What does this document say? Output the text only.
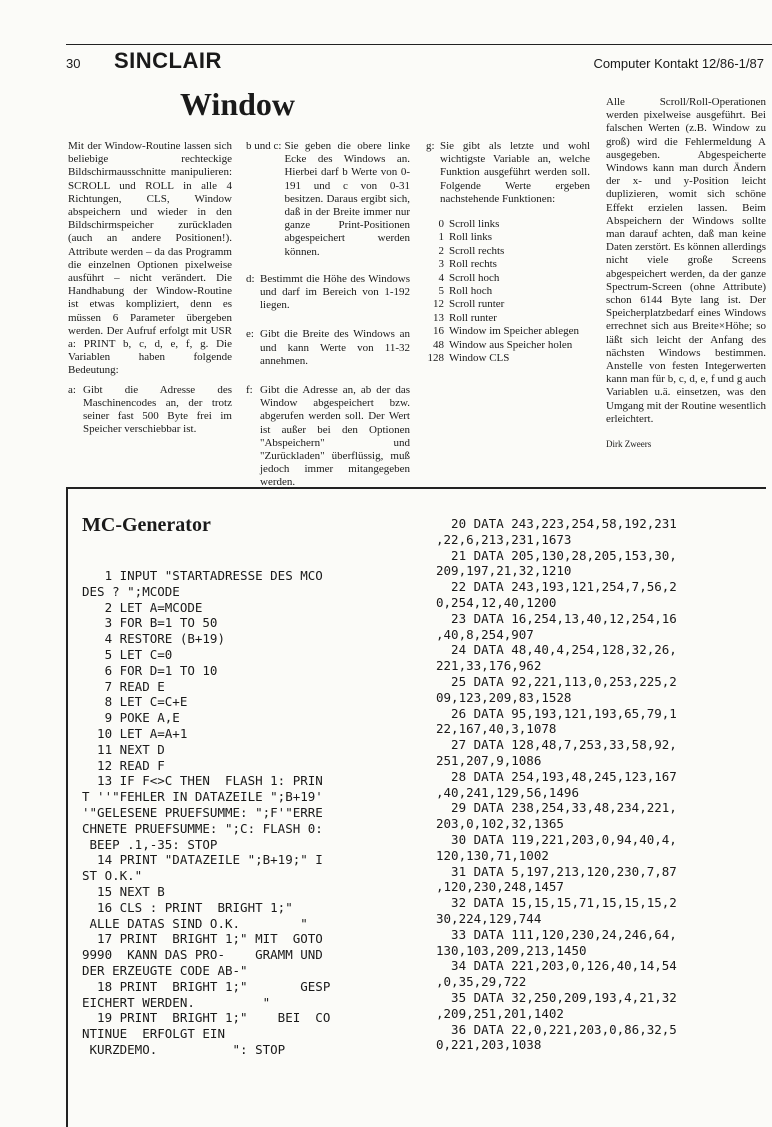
30 SINCLAIR	Computer Kontakt 12/86-1/87
Window

Mit der Window-Routine lassen sich beliebige rechteckige Bildschirmausschnitte manipulieren: SCROLL und ROLL in alle 4 Richtungen, CLS, Window abspeichern und wieder in den Bildschirmspeicher zurückladen (auch an andere Positionen!). Attribute werden – da das Programm die einzelnen Optionen pixelweise ausführt – nicht verändert. Die Handhabung der Window-Routine ist etwas kompliziert, denn es müssen 6 Parameter übergeben werden. Der Aufruf erfolgt mit USR a: PRINT b, c, d, e, f, g. Die Variablen haben folgende Bedeutung:

a: Gibt die Adresse des Maschinencodes an, der trotz seiner fast 500 Byte frei im Speicher verschiebbar ist.
b und c: Sie geben die obere linke Ecke des Windows an. Hierbei darf b Werte von 0-191 und c von 0-31 besitzen. Daraus ergibt sich, daß in der Breite immer nur ganze Print-Positionen abgespeichert werden können.
d: Bestimmt die Höhe des Windows und darf im Bereich von 1-192 liegen.
e: Gibt die Breite des Windows an und kann Werte von 11-32 annehmen.
f: Gibt die Adresse an, ab der das Window abgespeichert bzw. abgerufen werden soll. Der Wert ist außer bei den Optionen "Abspeichern" und "Zurückladen" überflüssig, muß jedoch immer mitangegeben werden.
g: Sie gibt als letzte und wohl wichtigste Variable an, welche Funktion ausgeführt werden soll. Folgende Werte ergeben nachstehende Funktionen:
0 Scroll links
1 Roll links
2 Scroll rechts
3 Roll rechts
4 Scroll hoch
5 Roll hoch
12 Scroll runter
13 Roll runter
16 Window im Speicher ablegen
48 Window aus Speicher holen
128 Window CLS

Alle Scroll/Roll-Operationen werden pixelweise ausgeführt. Bei falschen Werten (z.B. Window zu groß) wird die Fehlermeldung A ausgegeben. Abgespeicherte Windows kann man durch Ändern der x- und y-Position leicht duplizieren, womit sich schöne Effekt erzielen lassen. Beim Abspeichern der Windows sollte man darauf achten, daß man keine Daten zerstört. Es können allerdings nicht viele große Screens abgespeichert werden, da der ganze Spectrum-Screen (ohne Attribute) schon 6144 Byte lang ist. Der Speicherplatzbedarf eines Windows errechnet sich aus Breite×Höhe; so läßt sich leicht der Anfang des nächsten Windows bestimmen. Anstelle von festen Integerwerten kann man für b, c, d, e, f und g auch Variablen u.ä. einsetzen, was den Umgang mit der Routine wesentlich erleichtert.

Dirk Zweers
MC-Generator
1 INPUT "STARTADRESSE DES MCO
DES ? ";MCODE
2 LET A=MCODE
3 FOR B=1 TO 50
4 RESTORE (B+19)
5 LET C=0
6 FOR D=1 TO 10
7 READ E
8 LET C=C+E
9 POKE A,E
10 LET A=A+1
11 NEXT D
12 READ F
13 IF F<>C THEN  FLASH 1: PRIN
T ''"FEHLER IN DATAZEILE ";B+19'
'"GELESENE PRUEFSUMME: ";F'"ERRE
CHNETE PRUEFSUMME: ";C: FLASH 0:
BEEP .1,-35: STOP
14 PRINT "DATAZEILE ";B+19;" I
ST O.K."
15 NEXT B
16 CLS : PRINT  BRIGHT 1;"
ALLE DATAS SIND O.K.        "
17 PRINT  BRIGHT 1;" MIT  GOTO
9990  KANN DAS PRO-    GRAMM UND
DER ERZEUGTE CODE AB-"
18 PRINT  BRIGHT 1;"       GESP
EICHERT WERDEN.         "
19 PRINT  BRIGHT 1;"    BEI  CO
NTINUE  ERFOLGT EIN
KURZDEMO.          ": STOP
20 DATA 243,223,254,58,192,231
,22,6,213,231,1673
21 DATA 205,130,28,205,153,30,
209,197,21,32,1210
22 DATA 243,193,121,254,7,56,2
0,254,12,40,1200
23 DATA 16,254,13,40,12,254,16
,40,8,254,907
24 DATA 48,40,4,254,128,32,26,
221,33,176,962
25 DATA 92,221,113,0,253,225,2
09,123,209,83,1528
26 DATA 95,193,121,193,65,79,1
22,167,40,3,1078
27 DATA 128,48,7,253,33,58,92,
251,207,9,1086
28 DATA 254,193,48,245,123,167
,40,241,129,56,1496
29 DATA 238,254,33,48,234,221,
203,0,102,32,1365
30 DATA 119,221,203,0,94,40,4,
120,130,71,1002
31 DATA 5,197,213,120,230,7,87
,120,230,248,1457
32 DATA 15,15,15,71,15,15,15,2
30,224,129,744
33 DATA 111,120,230,24,246,64,
130,103,209,213,1450
34 DATA 221,203,0,126,40,14,54
,0,35,29,722
35 DATA 32,250,209,193,4,21,32
,209,251,201,1402
36 DATA 22,0,221,203,0,86,32,5
0,221,203,1038
